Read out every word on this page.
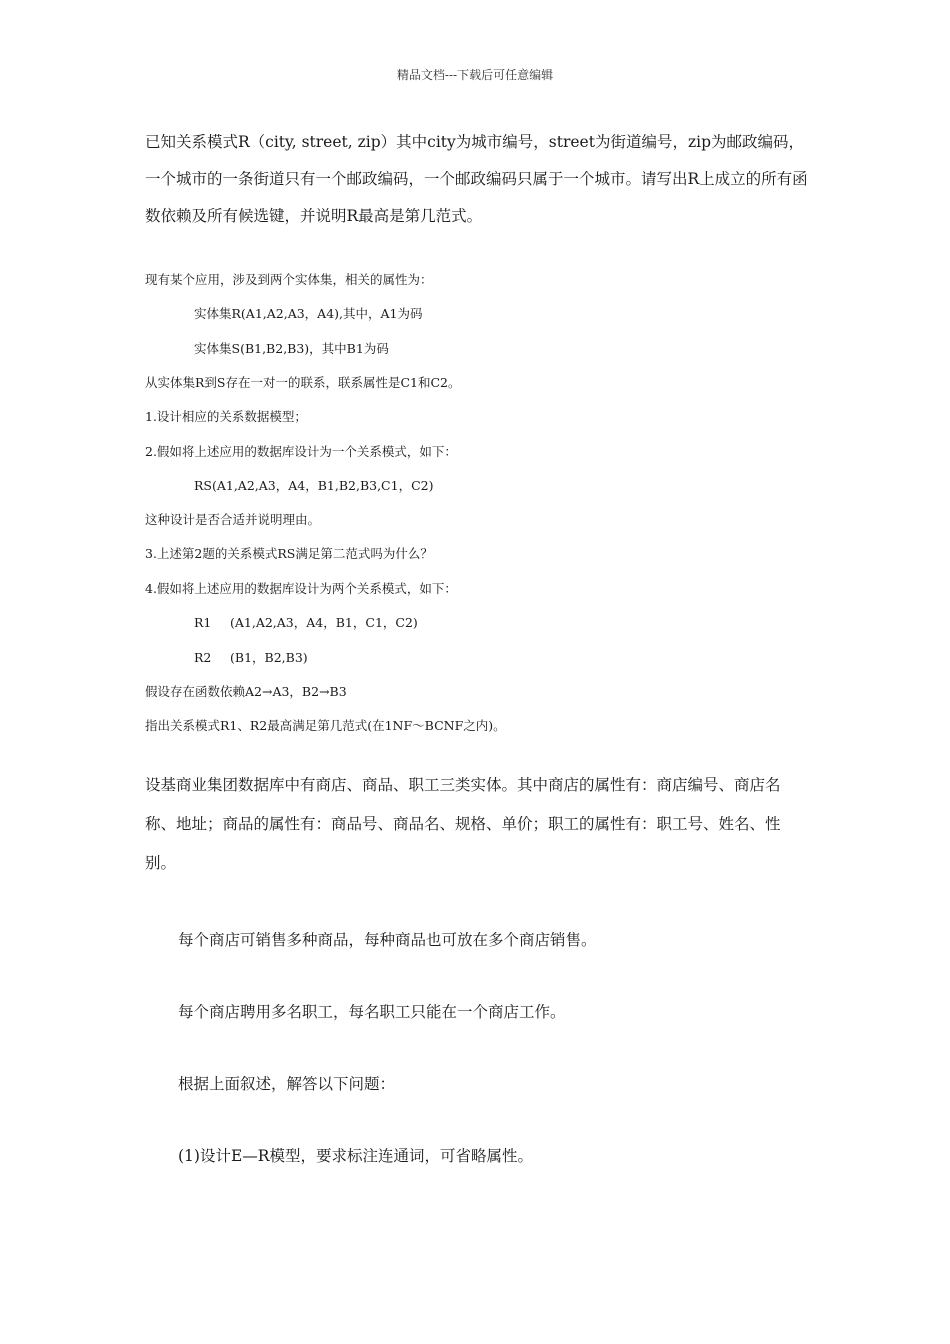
精品文档---下载后可任意编辑

已知关系模式R（city, street, zip）其中city为城市编号，street为街道编号，zip为邮政编码，一个城市的一条街道只有一个邮政编码，一个邮政编码只属于一个城市。请写出R上成立的所有函数依赖及所有候选键，并说明R最高是第几范式。

现有某个应用，涉及到两个实体集，相关的属性为：

实体集R(A1,A2,A3，A4),其中，A1为码

实体集S(B1,B2,B3)，其中B1为码

从实体集R到S存在一对一的联系，联系属性是C1和C2。

1.设计相应的关系数据模型；

2.假如将上述应用的数据库设计为一个关系模式，如下：

RS(A1,A2,A3，A4，B1,B2,B3,C1，C2)

这种设计是否合适并说明理由。

3.上述第2题的关系模式RS满足第二范式吗为什么？

4.假如将上述应用的数据库设计为两个关系模式，如下：

R1 (A1,A2,A3，A4，B1，C1，C2)

R2 (B1，B2,B3)

假设存在函数依赖A2→A3，B2→B3

指出关系模式R1、R2最高满足第几范式(在1NF～BCNF之内)。

设基商业集团数据库中有商店、商品、职工三类实体。其中商店的属性有：商店编号、商店名称、地址；商品的属性有：商品号、商品名、规格、单价；职工的属性有：职工号、姓名、性别。

每个商店可销售多种商品，每种商品也可放在多个商店销售。

每个商店聘用多名职工，每名职工只能在一个商店工作。

根据上面叙述，解答以下问题：

(1)设计E—R模型，要求标注连通词，可省略属性。
